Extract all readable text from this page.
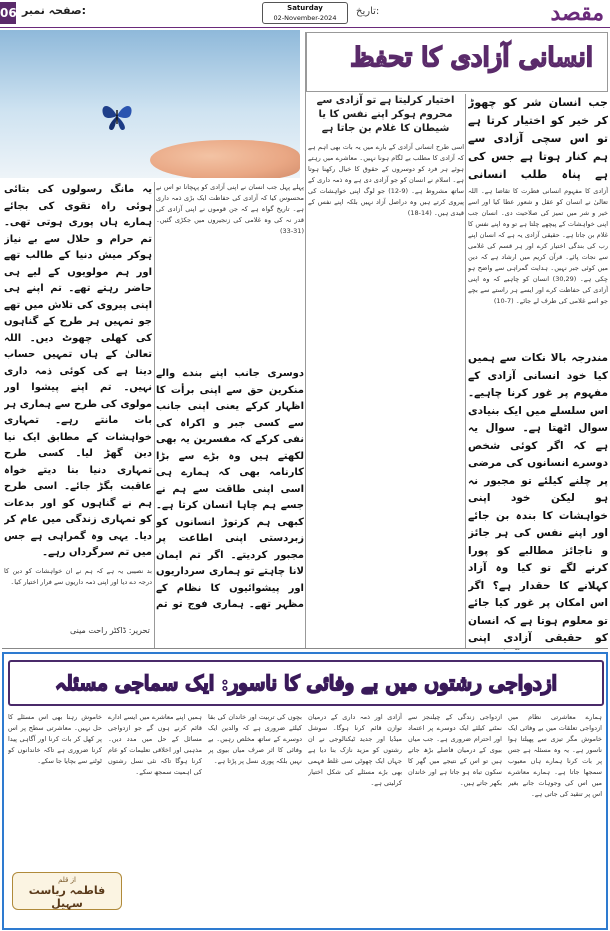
06 صفحہ نمبر:	Saturday
02-November-2024
تاریخ:	مقصد
انسانی آزادی کا تحفظ
اختیار کرلیتا ہے تو آزادی سے محروم ہوکر اپنے نفس کا یا شیطان کا غلام بن جاتا ہے
جب انسان شر کو چھوڑ کر خیر کو اختیار کرتا ہے تو اس سچی آزادی سے ہم کنار ہوتا ہے جس کی ہے پناہ طلب انسانی
آزادی کا مفہوم انسانی فطرت کا تقاضا ہے۔ اللہ تعالیٰ نے انسان کو عقل و شعور عطا کیا اور اسے خیر و شر میں تمیز کی صلاحیت دی۔ انسان جب اپنی خواہشات کے پیچھے چلتا ہے تو وہ اپنے نفس کا غلام بن جاتا ہے۔ حقیقی آزادی یہ ہے کہ انسان اپنے رب کی بندگی اختیار کرے اور ہر قسم کی غلامی سے نجات پائے۔ قرآن کریم میں ارشاد ہے کہ دین میں کوئی جبر نہیں۔ ہدایت گمراہی سے واضح ہو چکی ہے۔ (30,29) انسان کو چاہیے کہ وہ اپنی آزادی کی حفاظت کرے اور ایسے ہر راستے سے بچے جو اسے غلامی کی طرف لے جائے۔ (7-10)
مندرجہ بالا نکات سے ہمیں کیا خود انسانی آزادی کے مفہوم پر غور کرنا چاہیے۔ اس سلسلے میں ایک بنیادی سوال اٹھتا ہے۔ سوال یہ ہے کہ اگر کوئی شخص دوسرے انسانوں کی مرضی پر چلنے کیلئے تو مجبور نہ ہو لیکن خود اپنی خواہشات کا بندہ بن جائے اور اپنے نفس کی ہر جائز و ناجائز مطالبے کو پورا کرنے لگے تو کیا وہ آزاد کہلانے کا حقدار ہے؟ اگر اس امکان پر غور کیا جائے تو معلوم ہوتا ہے کہ انسان کو حقیقی آزادی اپنی
اسی طرح انسانی آزادی کے بارے میں یہ بات بھی اہم ہے کہ آزادی کا مطلب بے لگام ہونا نہیں۔ معاشرے میں رہتے ہوئے ہر فرد کو دوسروں کے حقوق کا خیال رکھنا ہوتا ہے۔ اسلام نے انسان کو جو آزادی دی ہے وہ ذمہ داری کے ساتھ مشروط ہے۔ (9-12) جو لوگ اپنی خواہشات کی پیروی کرتے ہیں وہ دراصل آزاد نہیں بلکہ اپنے نفس کے قیدی ہیں۔ (14-18)
پہلے پہل جب انسان نے اپنی آزادی کو پہچانا تو اس نے محسوس کیا کہ آزادی کی حفاظت ایک بڑی ذمہ داری ہے۔ تاریخ گواہ ہے کہ جن قوموں نے اپنی آزادی کی قدر نہ کی وہ غلامی کی زنجیروں میں جکڑی گئیں۔ (31-33)
دوسری جانب اپنے بندے والے منکرین حق سے اپنی برأت کا اظہار کرکے یعنی اپنی جانب سے کسی جبر و اکراہ کی نفی کرکے کہ مفسرین یہ بھی لکھتے ہیں وہ بڑے سے بڑا کارنامہ بھی کہ ہمارے ہی اسی اپنی طاقت سے ہم نے جسے ہم چاہا انسان کرتا ہے۔ کبھی ہم کرتوڑ انسانوں کو زبردستی اپنی اطاعت پر مجبور کردیتے۔ اگر تم ایمان لانا چاہتے تو ہماری سرداریوں اور پیشوائیوں کا نظام کے مظہر تھے۔ ہماری فوج تو تم
یہ مانگ رسولوں کی بتائی ہوئی راہ تقوی کی بجائے ہمارے ہاں پوری ہوتی تھی۔ تم حرام و حلال سے بے نیاز ہوکر میش دنیا کے طالب تھے اور ہم مولویوں کے لیے ہی حاضر رہتے تھے۔ تم اپنے ہی اپنی پیروی کی تلاش میں تھے جو تمہیں ہر طرح کے گناہوں کی کھلی چھوٹ دیں۔ اللہ تعالیٰ کے ہاں تمہیں حساب دینا ہے کی کوئی ذمہ داری نہیں۔ تم اپنے پیشوا اور مولوی کی طرح سے ہماری ہر بات مانتے رہے۔ تمہاری خواہشات کے مطابق ایک نیا دین گھڑ لیا۔ کسی طرح تمہاری دنیا بنا دیتے خواہ عاقبت بگڑ جائے۔ اسی طرح ہم نے گناہوں کو اور بدعات کو تمہاری زندگی میں عام کر دیا۔ یہی وہ گمراہی ہے جس میں تم سرگرداں رہے۔
بد نصیبی یہ ہے کہ ہم نے ان خواہشات کو دین کا درجہ دے دیا اور اپنی ذمہ داریوں سے فرار اختیار کیا۔
تحریر: ڈاکٹر راحت مینی
ازدواجی رشتوں میں بے وفائی کا ناسور: ایک سماجی مسئلہ
ہمارے معاشرتی نظام میں ازدواجی تعلقات میں بے وفائی ایک خاموش مگر تیزی سے پھیلتا ہوا ناسور ہے۔ یہ وہ مسئلہ ہے جس پر بات کرنا ہمارے ہاں معیوب سمجھا جاتا ہے۔ ہمارے معاشرے میں اس کی وجوہات جانے بغیر اس پر تنقید کی جاتی ہے۔
ازدواجی زندگی کے چیلنجز سے نمٹنے کیلئے ایک دوسرے پر اعتماد اور احترام ضروری ہے۔ جب میاں بیوی کے درمیان فاصلے بڑھ جاتے ہیں تو اس کے نتیجے میں گھر کا سکون تباہ ہو جاتا ہے اور خاندان بکھر جاتے ہیں۔
آزادی اور ذمہ داری کے درمیان توازن قائم کرنا ہوگا۔ سوشل میڈیا اور جدید ٹیکنالوجی نے ان رشتوں کو مزید نازک بنا دیا ہے جہاں ایک چھوٹی سی غلط فہمی بھی بڑے مسئلے کی شکل اختیار کرلیتی ہے۔
بچوں کی تربیت اور خاندان کی بقا کیلئے ضروری ہے کہ والدین ایک دوسرے کے ساتھ مخلص رہیں۔ بے وفائی کا اثر صرف میاں بیوی پر نہیں بلکہ پوری نسل پر پڑتا ہے۔
ہمیں اپنے معاشرے میں ایسے ادارے قائم کرنے ہوں گے جو ازدواجی مسائل کے حل میں مدد دیں۔ مذہبی اور اخلاقی تعلیمات کو عام کرنا ہوگا تاکہ نئی نسل رشتوں کی اہمیت سمجھ سکے۔
خاموش رہنا بھی اس مسئلے کا حل نہیں۔ معاشرتی سطح پر اس پر کھل کر بات کرنا اور آگاہی پیدا کرنا ضروری ہے تاکہ خاندانوں کو ٹوٹنے سے بچایا جا سکے۔
از قلم
فاطمہ ریاست سہیل
